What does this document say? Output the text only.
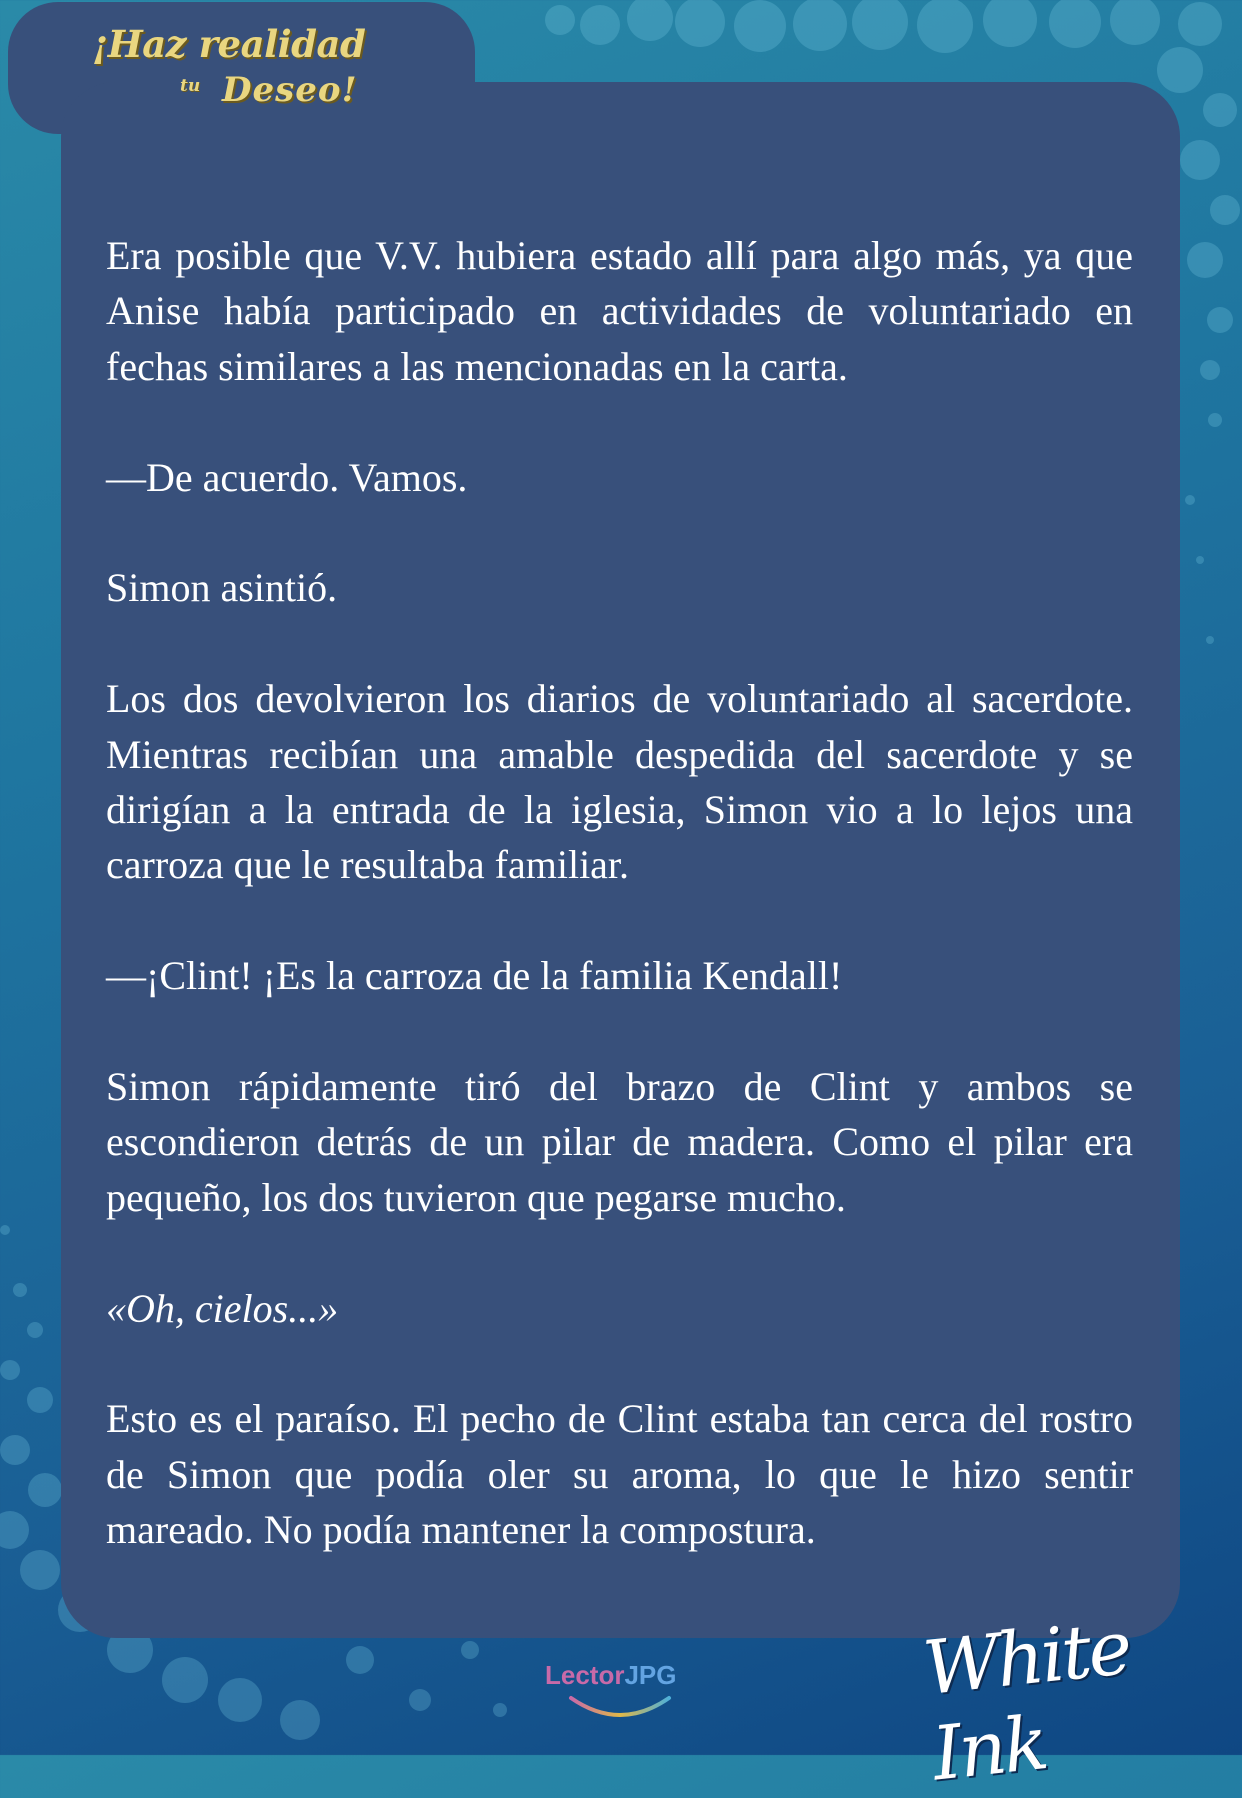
¡Haz realidad
tu Deseo!

Era posible que V.V. hubiera estado allí para algo más, ya que Anise había participado en actividades de voluntariado en fechas similares a las mencionadas en la carta.

—De acuerdo. Vamos.

Simon asintió.

Los dos devolvieron los diarios de voluntariado al sacerdote. Mientras recibían una amable despedida del sacerdote y se dirigían a la entrada de la iglesia, Simon vio a lo lejos una carroza que le resultaba familiar.

—¡Clint! ¡Es la carroza de la familia Kendall!

Simon rápidamente tiró del brazo de Clint y ambos se escondieron detrás de un pilar de madera. Como el pilar era pequeño, los dos tuvieron que pegarse mucho.

«Oh, cielos...»

Esto es el paraíso. El pecho de Clint estaba tan cerca del rostro de Simon que podía oler su aroma, lo que le hizo sentir mareado. No podía mantener la compostura.

LectorJPG	White Ink
